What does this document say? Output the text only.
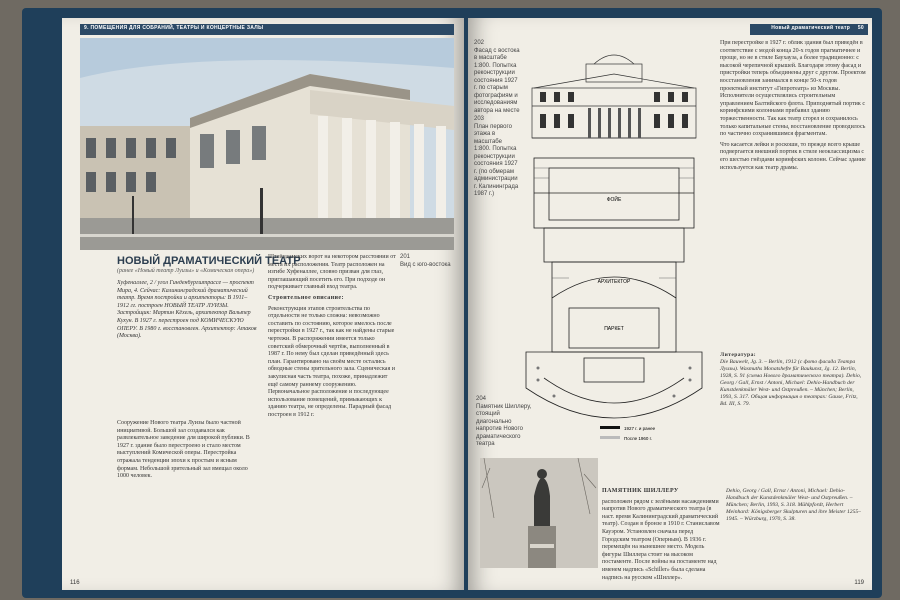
9. ПОМЕЩЕНИЯ ДЛЯ СОБРАНИЙ, ТЕАТРЫ И КОНЦЕРТНЫЕ ЗАЛЫ
201
Вид с юго-востока
НОВЫЙ ДРАМАТИЧЕСКИЙ ТЕАТР
(ранее «Новый театр Луизы» и «Комическая опера»)

Хуфеналлее, 2 / угол Гинденбургштрассе — проспект Мира, 4. Сейчас: Калининградский драматический театр. Время постройки и архитекторы: В 1911–1912 гг. построен НОВЫЙ ТЕАТР ЛУИЗЫ. Застройщик: Мартин Кёхель, архитектор Вальтер Кухун. В 1927 г. перестроен под КОМИЧЕСКУЮ ОПЕРУ. В 1980 г. восстановлен. Архитектор: Атаков (Москва).

Сооружение Нового театра Луизы было частной инициативой. Большой зал создавался как развлекательное заведение для широкой публики. В 1927 г. здание было перестроено и стало местом выступлений Комической оперы. Перестройка отражала тенденции эпохи к простым и ясным формам. Небольшой зрительный зал вмещал около 1000 человек.

Штейндамских ворот на некотором расстоянии от места их расположения. Театр расположен на изгибе Хуфеналлее, словно призван для глаз, приглашающий посетить его. При подходе он подчеркивает главный вход театра.

Строительное описание:

Реконструкция этапов строительства по отдельности не только сложна: невозможно составить по состоянию, которое имелось после перестройки в 1927 г., так как не найдены старые чертежи. В распоряжении имеется только советский обмерочный чертёж, выполненный в 1987 г. По нему был сделан приведённый здесь план. Гарантировано на своём месте остались обводные стены зрительного зала. Сценическая и закулисная часть театра, похоже, принадлежит ещё самому раннему сооружению. Первоначальное расположение и последующее использование помещений, примыкающих к зданию театра, не определены. Парадный фасад построен в 1912 г.

116
Новый драматический театр 50
202
Фасад с востока в масштабе 1:800. Попытка реконструкции состояния 1927 г. по старым фотографиям и исследованиям автора на месте
203
План первого этажа в масштабе 1:800. Попытка реконструкции состояния 1927 г. (по обмерам администрации г. Калининграда 1987 г.)
ФОЙЕ
АРХИТЕКТОР
ПАРКЕТ
1927 г. и ранее
После 1960 г.
204
Памятник Шиллеру, стоящий диагонально напротив Нового драматического театра

ПАМЯТНИК ШИЛЛЕРУ

расположен рядом с зелёными насаждениями напротив Нового драматического театра (в наст. время Калининградский драматический театр). Создан в бронзе в 1910 г. Станиславом Кауэром. Установлен сначала перед Городским театром (Оперным). В 1936 г. перемещён на нынешнее место. Модель фигуры Шиллера стоит на высоком постаменте. После войны на постаменте над именем надпись «Schiller» была сделана надпись на русском «Шиллер».

При перестройке в 1927 г. облик здания был приведён в соответствие с модой конца 20-х годов прагматичнее и проще, но не в стиле Баухауза, а более традиционно: с высокой черепичной крышей. Благодаря этому фасад и пристройки теперь объединены друг с другом. Проектом восстановления занимался в конце 50-х годов проектный институт «Гипротеатр» из Москвы. Исполнители осуществлялись строительным управлением Балтийского флота. Приподнятый портик с коринфскими колоннами прибавил зданию торжественности. Так как театр сгорел и сохранилось только капитальные стены, восстановление проводилось по частично сохранившимся фрагментам.

Что касается лейки и роскоши, то прежде всего крыше подвергается внешний портик в стиле неоклассицизма с его шестью гнёздами коринфских колонн. Сейчас здание используется как театр драмы.

Литература:
Die Bauwelt, Jg. 3. – Berlin, 1912 (с фото фасада Театра Луизы). Wasmuths Monatshefte für Baukunst, Jg. 12. Berlin, 1928, S. 91 (схема Нового драматического театра). Dehio, Georg / Gall, Ernst / Antoni, Michael: Dehio-Handbuch der Kunstdenkmäler West- und Ostpreußen. – München; Berlin, 1993, S. 317. Общая информация о театрах: Gause, Fritz, Bd. III, S. 79.

Dehio, Georg / Gall, Ernst / Antoni, Michael: Dehio-Handbuch der Kunstdenkmäler West- und Ostpreußen. – München; Berlin, 1993, S. 318. Mühlpfordt, Herbert Meinhard: Königsberger Skulpturen und ihre Meister 1255–1945. – Würzburg, 1970, S. 38.

119
